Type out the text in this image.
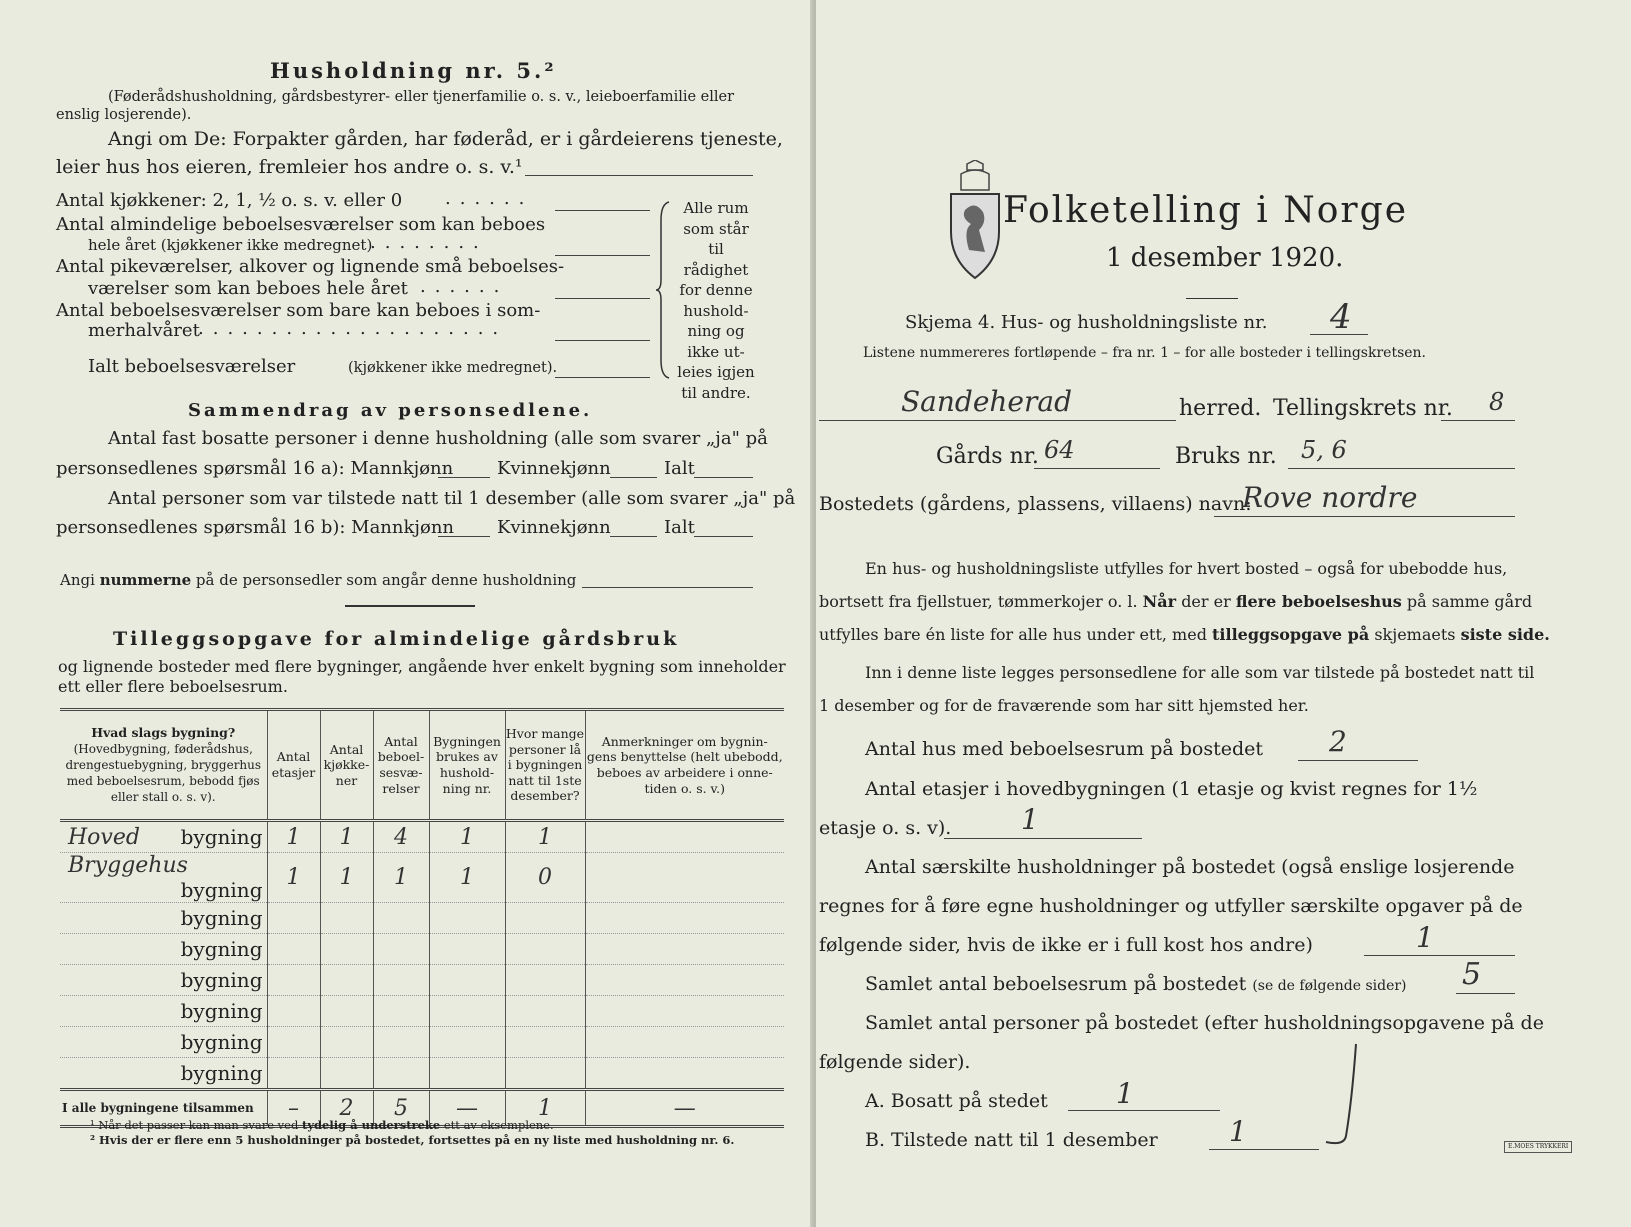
Husholdning nr. 5.²
(Føderådshusholdning, gårdsbestyrer- eller tjenerfamilie o. s. v., leieboerfamilie eller
enslig losjerende).
Angi om De: Forpakter gården, har føderåd, er i gårdeierens tjeneste,
leier hus hos eieren, fremleier hos andre o. s. v.¹
Antal kjøkkener: 2, 1, ½ o. s. v. eller 0 ......
Antal almindelige beboelsesværelser som kan beboes
hele året (kjøkkener ikke medregnet)
........
Antal pikeværelser, alkover og lignende små beboelses-
værelser som kan beboes hele året ......
Antal beboelsesværelser som bare kan beboes i som-
merhalvåret
.....................
Ialt beboelsesværelser	(kjøkkener ikke medregnet).
Alle rum
som står til
rådighet
for denne
hushold-
ning og
ikke ut-
leies igjen
til andre.
Sammendrag av personsedlene.
Antal fast bosatte personer i denne husholdning (alle som svarer „ja" på
personsedlenes spørsmål 16 a): Mannkjønn Kvinnekjønn	Ialt
Antal personer som var tilstede natt til 1 desember (alle som svarer „ja" på
personsedlenes spørsmål 16 b): Mannkjønn Kvinnekjønn	Ialt
Angi nummerne på de personsedler som angår denne husholdning
Tilleggsopgave for almindelige gårdsbruk
og lignende bosteder med flere bygninger, angående hver enkelt bygning som inneholder
ett eller flere beboelsesrum.
Hvad slags bygning?
(Hovedbygning, føderådshus, drengestuebygning, bryggerhus med beboelsesrum, bebodd fjøs eller stall o. s. v).	Antal etasjer	Antal kjøkke- ner	Antal beboel- sesvæ- relser	Bygningen brukes av hushold- ning nr.	Hvor mange personer lå i bygningen natt til 1ste desember?	Anmerkninger om bygnin- gens benyttelse (helt ubebodd, beboes av arbeidere i onne- tiden o. s. v.)

Hoved bygning	1	1	4	1	1	

Bryggehus
bygning	1	1	1	1	0	

bygning						

bygning						

bygning						

bygning						

bygning						

bygning						
I alle bygningene tilsammen	–	2	5	—	1	—
¹ Når det passer kan man svare ved tydelig å understreke ett av eksemplene.
² Hvis der er flere enn 5 husholdninger på bostedet, fortsettes på en ny liste med husholdning nr. 6.
Folketelling i Norge
1 desember 1920.
Skjema 4. Hus- og husholdningsliste nr. 4
Listene nummereres fortløpende – fra nr. 1 – for alle bosteder i tellingskretsen.
Sandeherad	herred. Tellingskrets nr. 8
Gårds nr. 64	Bruks nr. 5, 6
Bostedets (gårdens, plassens, villaens) navn:
Rove nordre
En hus- og husholdningsliste utfylles for hvert bosted – også for ubebodde hus,
bortsett fra fjellstuer, tømmerkojer o. l. Når der er flere beboelseshus på samme gård
utfylles bare én liste for alle hus under ett, med tilleggsopgave på skjemaets siste side.
Inn i denne liste legges personsedlene for alle som var tilstede på bostedet natt til
1 desember og for de fraværende som har sitt hjemsted her.
Antal hus med beboelsesrum på bostedet 2
Antal etasjer i hovedbygningen (1 etasje og kvist regnes for 1½
etasje o. s. v). 1
Antal særskilte husholdninger på bostedet (også enslige losjerende
regnes for å føre egne husholdninger og utfyller særskilte opgaver på de
følgende sider, hvis de ikke er i full kost hos andre)	1
Samlet antal beboelsesrum på bostedet (se de følgende sider) 5
Samlet antal personer på bostedet (efter husholdningsopgavene på de
følgende sider).
A. Bosatt på stedet 1
B. Tilstede natt til 1 desember	1	E.MOES TRYKKERI
